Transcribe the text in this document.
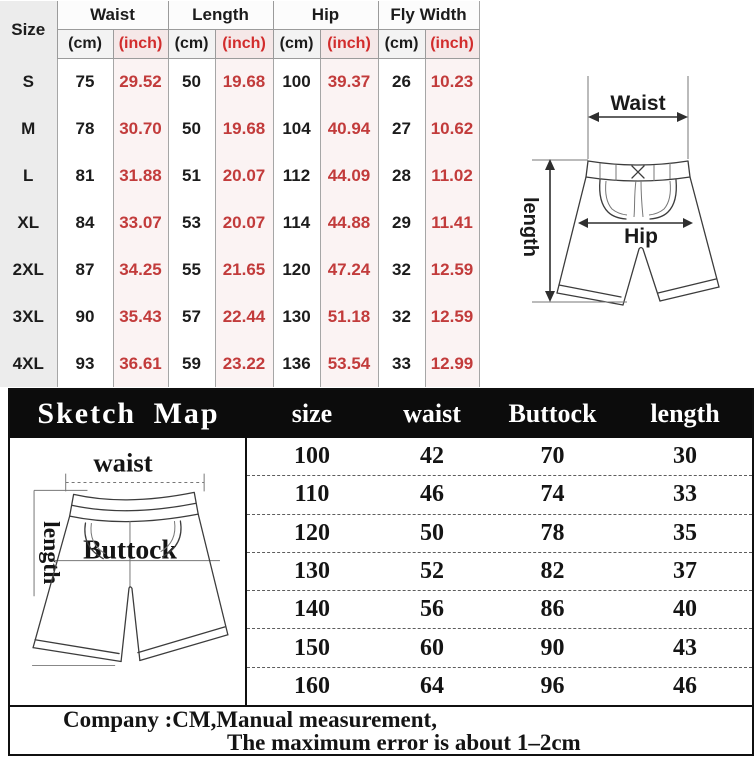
Size	Waist		Length		Hip		Fly Width	
	(cm)	(inch)	(cm)	(inch)	(cm)	(inch)	(cm)	(inch)
S	75	29.52	50	19.68	100	39.37	26	10.23
M	78	30.70	50	19.68	104	40.94	27	10.62
L	81	31.88	51	20.07	112	44.09	28	11.02
XL	84	33.07	53	20.07	114	44.88	29	11.41
2XL	87	34.25	55	21.65	120	47.24	32	12.59
3XL	90	35.43	57	22.44	130	51.18	32	12.59
4XL	93	36.61	59	23.22	136	53.54	33	12.99
Waist
Hip
length
Sketch Map	size	waist	Buttock	length
waist
length Buttock
100	42	70	30
110	46	74	33
120	50	78	35
130	52	82	37
140	56	86	40
150	60	90	43
160	64	96	46
Company :CM,Manual measurement,
The maximum error is about 1–2cm
